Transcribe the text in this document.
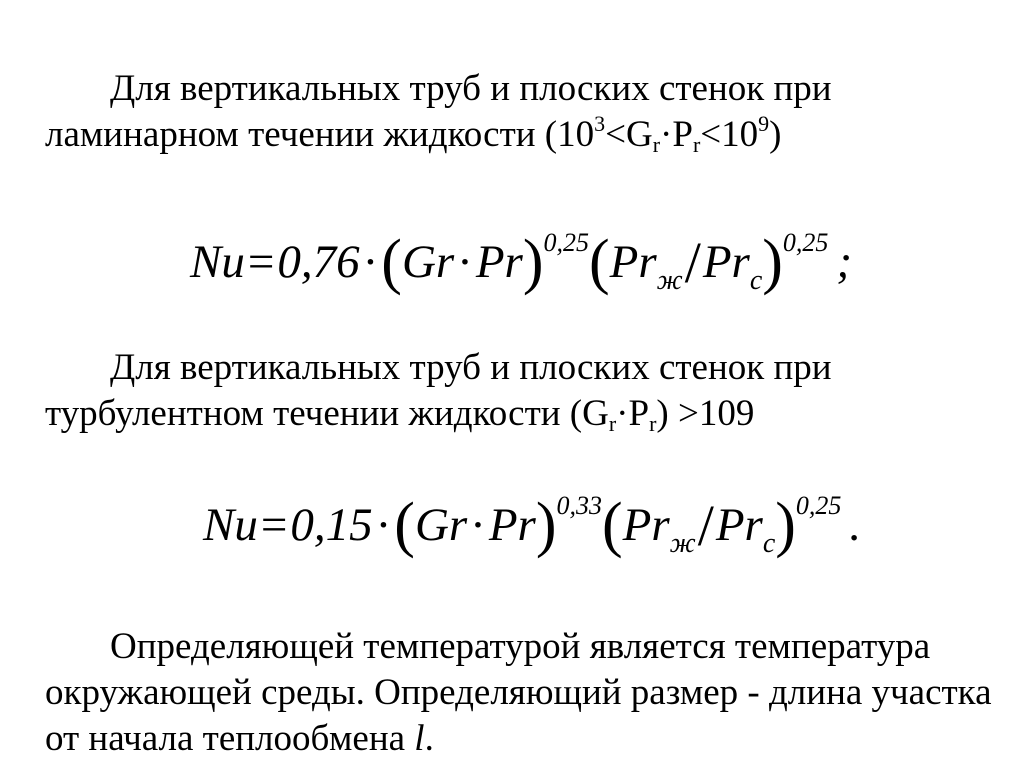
Для вертикальных труб и плоских стенок при ламинарном течении жидкости $(10^3<G_r\cdot P_r<10^9)$

$Nu=0,76\cdot(Gr\cdot Pr)^{0,25}(Pr_ж/Pr_c)^{0,25}$ ;

Для вертикальных труб и плоских стенок при турбулентном течении жидкости $(G_r\cdot P_r) >109$

$Nu=0,15\cdot(Gr\cdot Pr)^{0,33}(Pr_ж/Pr_c)^{0,25}$ .

Определяющей температурой является температура окружающей среды. Определяющий размер - длина участка от начала теплообмена l.
